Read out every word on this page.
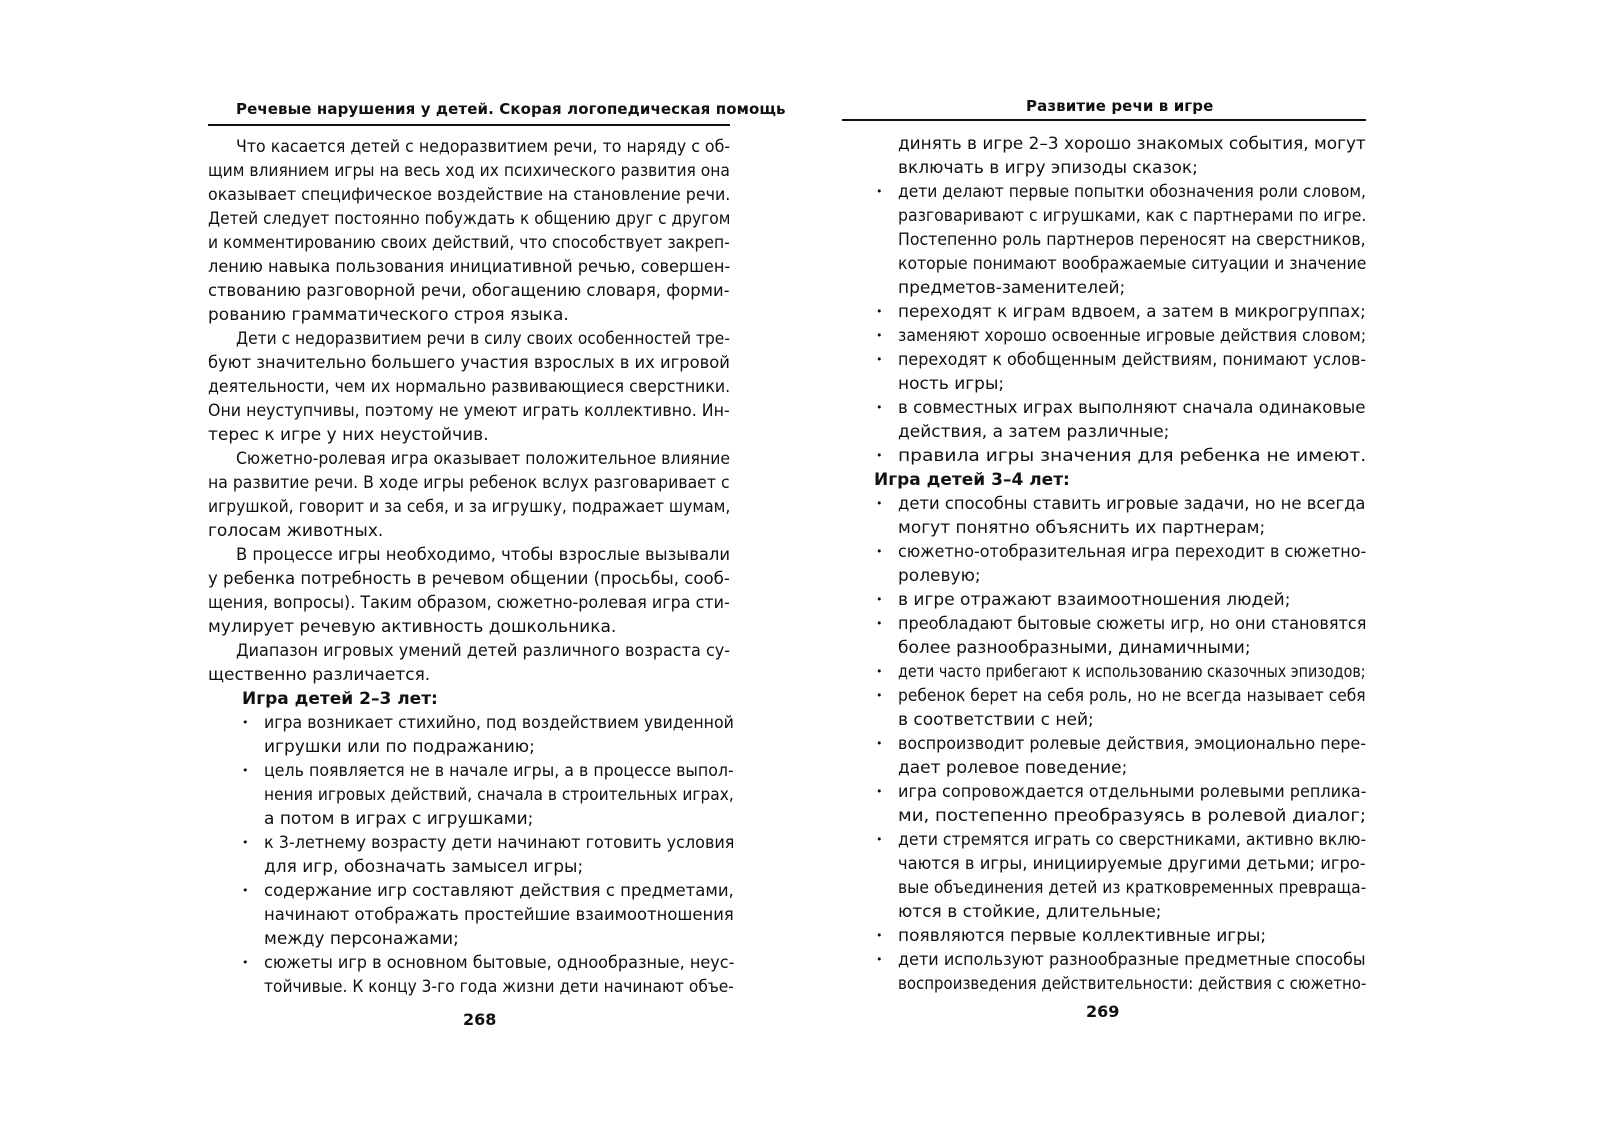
Речевые нарушения у детей. Скорая логопедическая помощь
Что касается детей с недоразвитием речи, то наряду с об-
щим влиянием игры на весь ход их психического развития она
оказывает специфическое воздействие на становление речи.
Детей следует постоянно побуждать к общению друг с другом
и комментированию своих действий, что способствует закреп-
лению навыка пользования инициативной речью, совершен-
ствованию разговорной речи, обогащению словаря, форми-
рованию грамматического строя языка.
Дети с недоразвитием речи в силу своих особенностей тре-
буют значительно большего участия взрослых в их игровой
деятельности, чем их нормально развивающиеся сверстники.
Они неуступчивы, поэтому не умеют играть коллективно. Ин-
терес к игре у них неустойчив.
Сюжетно-ролевая игра оказывает положительное влияние
на развитие речи. В ходе игры ребенок вслух разговаривает с
игрушкой, говорит и за себя, и за игрушку, подражает шумам,
голосам животных.
В процессе игры необходимо, чтобы взрослые вызывали
у ребенка потребность в речевом общении (просьбы, сооб-
щения, вопросы). Таким образом, сюжетно-ролевая игра сти-
мулирует речевую активность дошкольника.
Диапазон игровых умений детей различного возраста су-
щественно различается.
Игра детей 2–3 лет:
• игра возникает стихийно, под воздействием увиденной
игрушки или по подражанию;
• цель появляется не в начале игры, а в процессе выпол-
нения игровых действий, сначала в строительных играх,
а потом в играх с игрушками;
• к 3-летнему возрасту дети начинают готовить условия
для игр, обозначать замысел игры;
• содержание игр составляют действия с предметами,
начинают отображать простейшие взаимоотношения
между персонажами;
• сюжеты игр в основном бытовые, однообразные, неус-
тойчивые. К концу 3-го года жизни дети начинают объе-
268
Развитие речи в игре
динять в игре 2–3 хорошо знакомых события, могут
включать в игру эпизоды сказок;
• дети делают первые попытки обозначения роли словом,
разговаривают с игрушками, как с партнерами по игре.
Постепенно роль партнеров переносят на сверстников,
которые понимают воображаемые ситуации и значение
предметов-заменителей;
• переходят к играм вдвоем, а затем в микрогруппах;
• заменяют хорошо освоенные игровые действия словом;
• переходят к обобщенным действиям, понимают услов-
ность игры;
• в совместных играх выполняют сначала одинаковые
действия, а затем различные;
• правила игры значения для ребенка не имеют.
Игра детей 3–4 лет:
• дети способны ставить игровые задачи, но не всегда
могут понятно объяснить их партнерам;
• сюжетно-отобразительная игра переходит в сюжетно-
ролевую;
• в игре отражают взаимоотношения людей;
• преобладают бытовые сюжеты игр, но они становятся
более разнообразными, динамичными;
• дети часто прибегают к использованию сказочных эпизодов;
• ребенок берет на себя роль, но не всегда называет себя
в соответствии с ней;
• воспроизводит ролевые действия, эмоционально пере-
дает ролевое поведение;
• игра сопровождается отдельными ролевыми реплика-
ми, постепенно преобразуясь в ролевой диалог;
• дети стремятся играть со сверстниками, активно вклю-
чаются в игры, инициируемые другими детьми; игро-
вые объединения детей из кратковременных превраща-
ются в стойкие, длительные;
• появляются первые коллективные игры;
• дети используют разнообразные предметные способы
воспроизведения действительности: действия с сюжетно-
269
